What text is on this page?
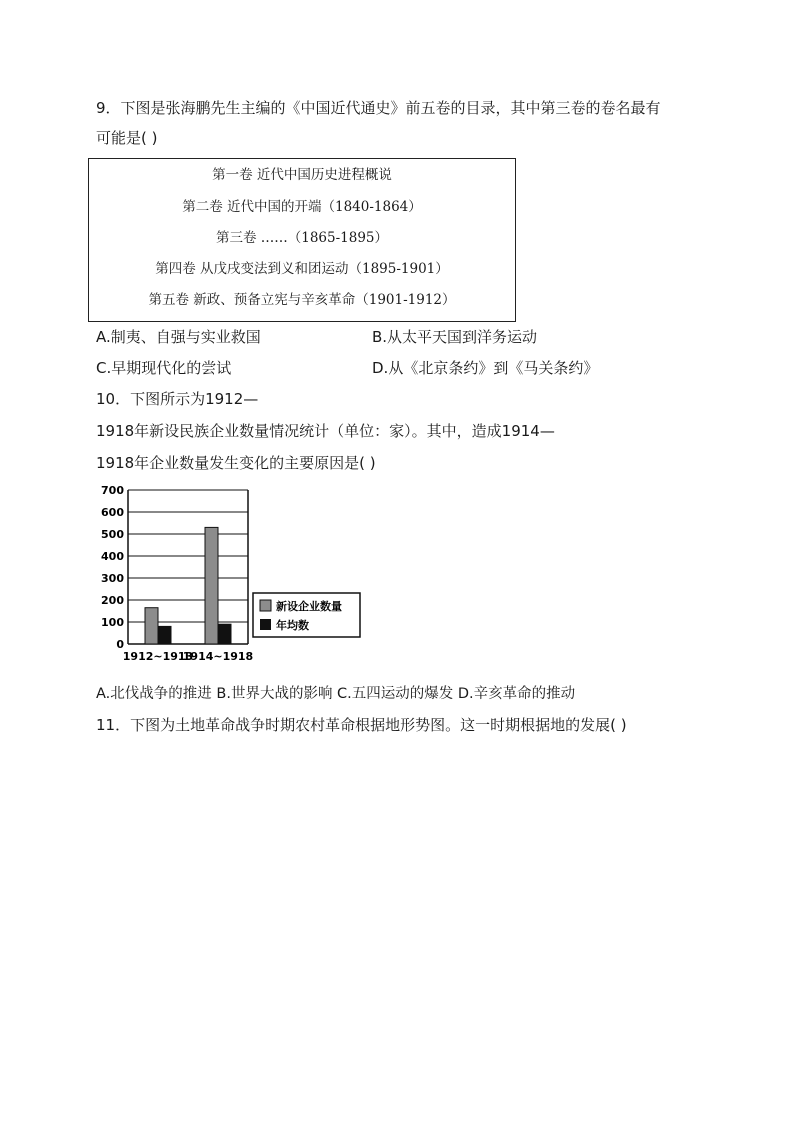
9．下图是张海鹏先生主编的《中国近代通史》前五卷的目录，其中第三卷的卷名最有
可能是( )
第一卷 近代中国历史进程概说
第二卷 近代中国的开端（1840-1864）
第三卷 ……（1865-1895）
第四卷 从戊戌变法到义和团运动（1895-1901）
第五卷 新政、预备立宪与辛亥革命（1901-1912）
A.制夷、自强与实业救国	B.从太平天国到洋务运动
C.早期现代化的尝试	D.从《北京条约》到《马关条约》
10．下图所示为1912—
1918年新设民族企业数量情况统计（单位：家）。其中，造成1914—
1918年企业数量发生变化的主要原因是( )
0
100
200
300
400
500
600
700
1912~1913
1914~1918
新设企业数量
年均数
A.北伐战争的推进 B.世界大战的影响 C.五四运动的爆发 D.辛亥革命的推动
11．下图为土地革命战争时期农村革命根据地形势图。这一时期根据地的发展( )
